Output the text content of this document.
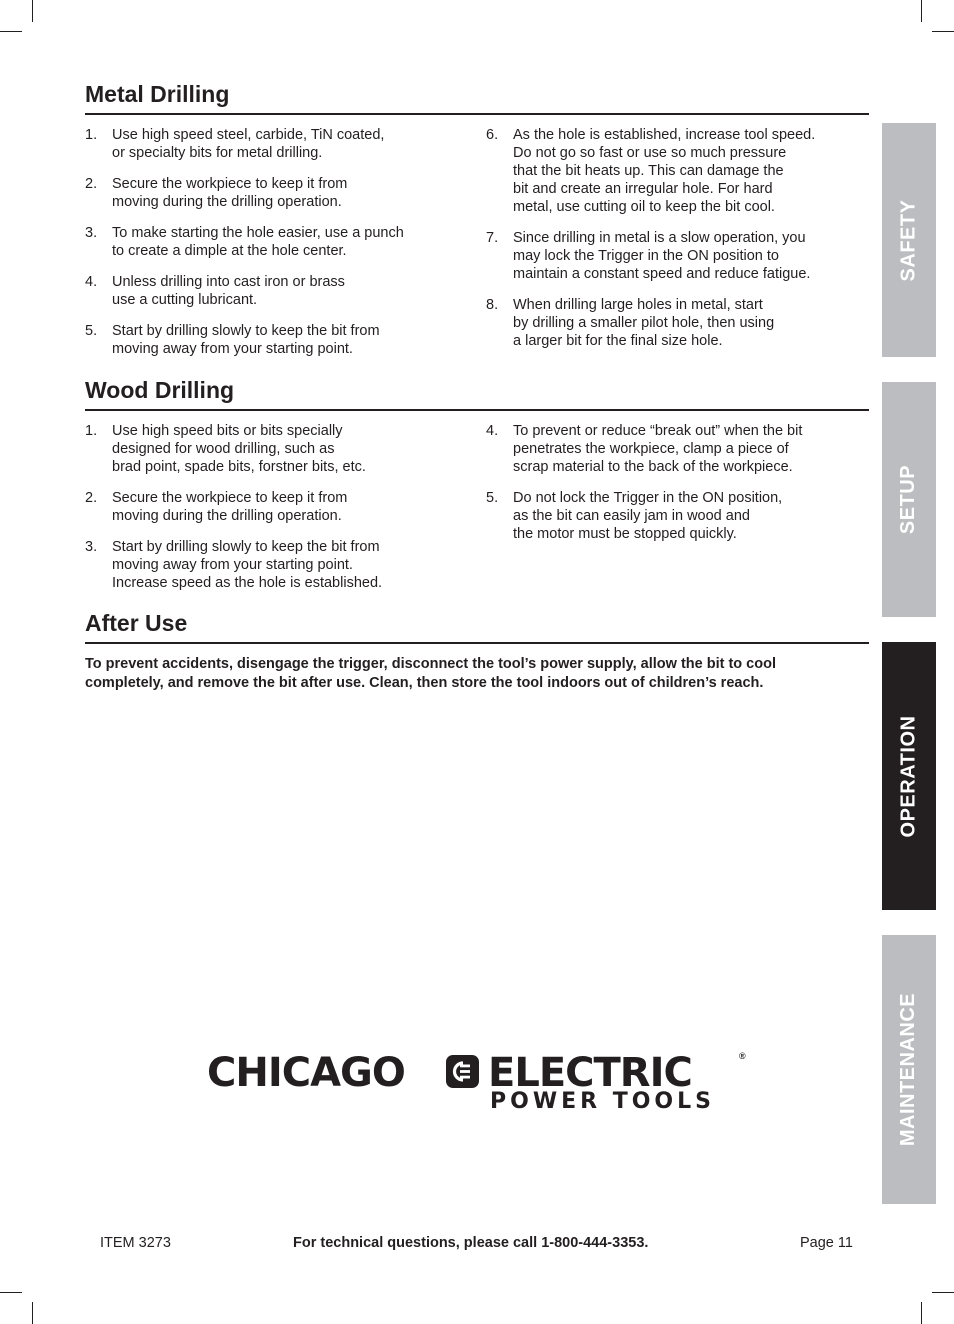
Metal Drilling
1.	Use high speed steel, carbide, TiN coated,
or specialty bits for metal drilling.
2.	Secure the workpiece to keep it from
moving during the drilling operation.
3.	To make starting the hole easier, use a punch
to create a dimple at the hole center.
4.	Unless drilling into cast iron or brass
use a cutting lubricant.
5.	Start by drilling slowly to keep the bit from
moving away from your starting point.
6.	As the hole is established, increase tool speed.
Do not go so fast or use so much pressure
that the bit heats up. This can damage the
bit and create an irregular hole. For hard
metal, use cutting oil to keep the bit cool.
7.	Since drilling in metal is a slow operation, you
may lock the Trigger in the ON position to
maintain a constant speed and reduce fatigue.
8.	When drilling large holes in metal, start
by drilling a smaller pilot hole, then using
a larger bit for the final size hole.
Wood Drilling
1.	Use high speed bits or bits specially
designed for wood drilling, such as
brad point, spade bits, forstner bits, etc.
2.	Secure the workpiece to keep it from
moving during the drilling operation.
3.	Start by drilling slowly to keep the bit from
moving away from your starting point.
Increase speed as the hole is established.
4.	To prevent or reduce “break out” when the bit
penetrates the workpiece, clamp a piece of
scrap material to the back of the workpiece.
5.	Do not lock the Trigger in the ON position,
as the bit can easily jam in wood and
the motor must be stopped quickly.
After Use
To prevent accidents, disengage the trigger, disconnect the tool’s power supply, allow the bit to cool completely, and remove the bit after use. Clean, then store the tool indoors out of children’s reach.
SAFETY
SETUP
OPERATION
MAINTENANCE
CHICAGO ELECTRIC	®
POWER TOOLS
ITEM 3273	For technical questions, please call 1-800-444-3353.	Page 11
